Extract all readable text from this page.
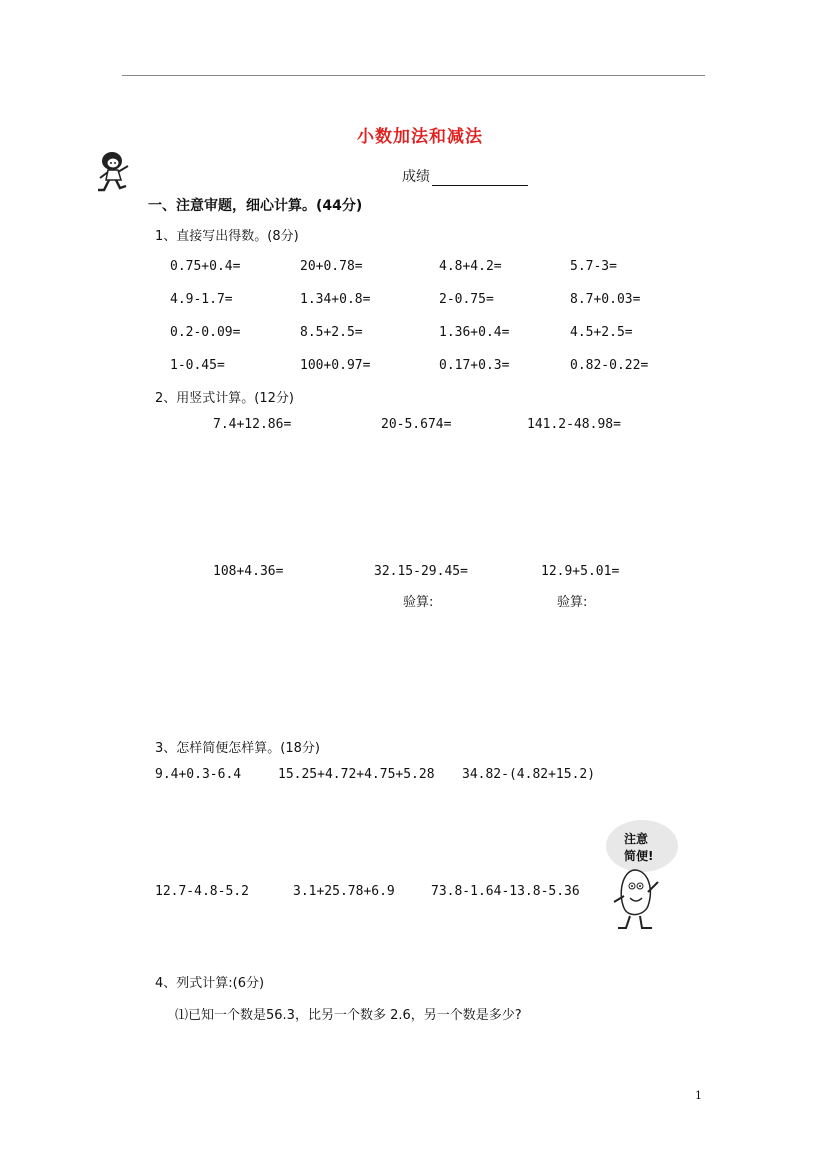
小数加法和减法
成绩
一、注意审题，细心计算。(44分)
1、直接写出得数。(8分)
0.75+0.4=	20+0.78=	4.8+4.2=	5.7-3=
4.9-1.7=	1.34+0.8=	2-0.75=	8.7+0.03=
0.2-0.09=	8.5+2.5=	1.36+0.4=	4.5+2.5=
1-0.45=	100+0.97=	0.17+0.3=	0.82-0.22=
2、用竖式计算。(12分)
7.4+12.86=	20-5.674=	141.2-48.98=
108+4.36=	32.15-29.45=	12.9+5.01=
验算:	验算:
3、怎样简便怎样算。(18分)
9.4+0.3-6.4	15.25+4.72+4.75+5.28 34.82-(4.82+15.2)
12.7-4.8-5.2	3.1+25.78+6.9	73.8-1.64-13.8-5.36
注意
简便!
4、列式计算:(6分)
⑴已知一个数是56.3，比另一个数多 2.6，另一个数是多少?
1
